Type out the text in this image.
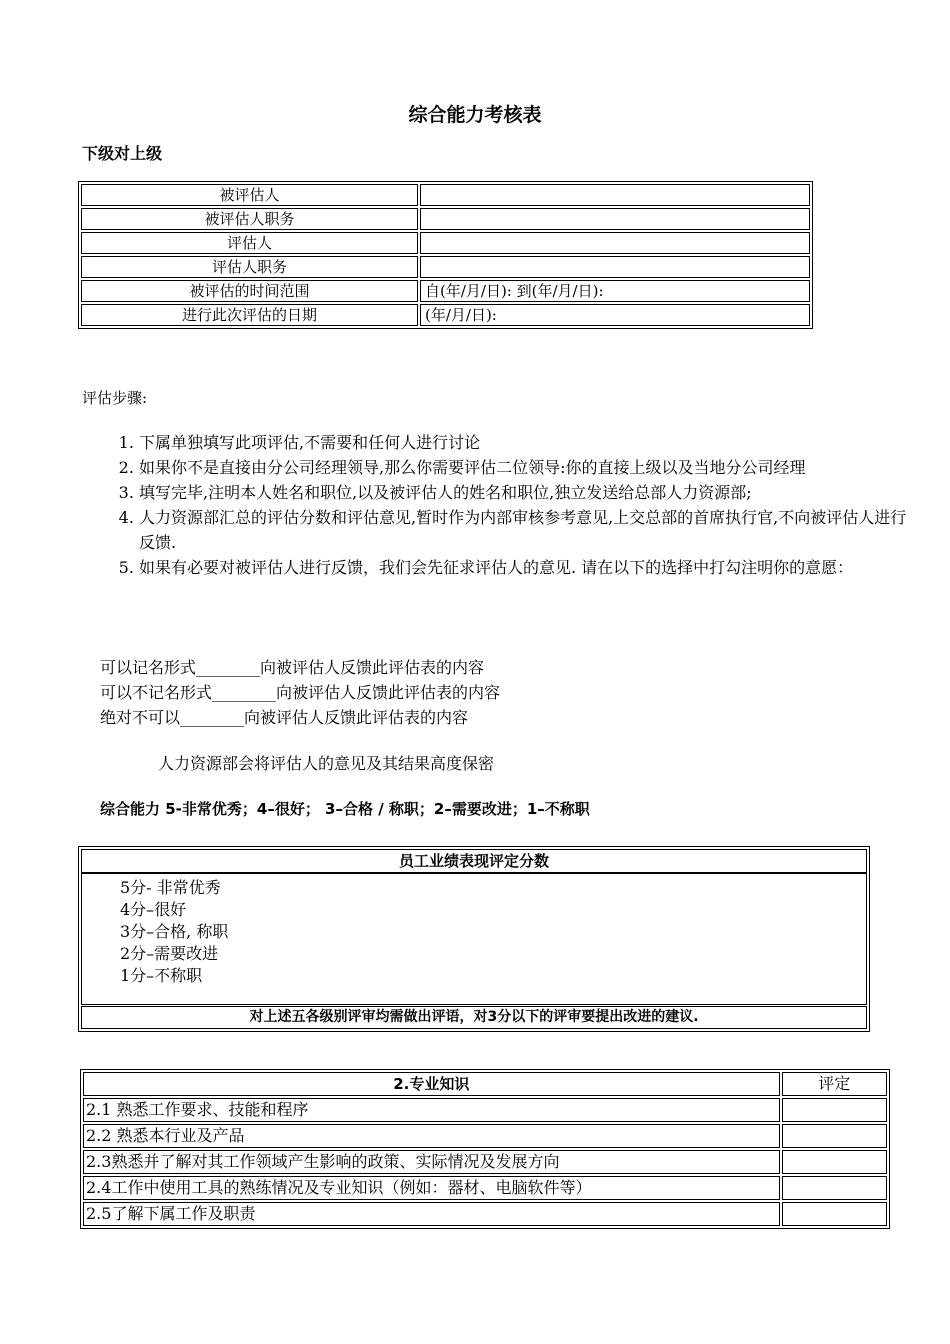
综合能力考核表
下级对上级
被评估人	
被评估人职务	
评估人	
评估人职务	
被评估的时间范围	自(年/月/日): 到(年/月/日):
进行此次评估的日期	(年/月/日):
评估步骤:
1. 下属单独填写此项评估,不需要和任何人进行讨论
2. 如果你不是直接由分公司经理领导,那么你需要评估二位领导:你的直接上级以及当地分公司经理
3. 填写完毕,注明本人姓名和职位,以及被评估人的姓名和职位,独立发送给总部人力资源部;
4. 人力资源部汇总的评估分数和评估意见,暂时作为内部审核参考意见,上交总部的首席执行官,不向被评估人进行反馈.
5. 如果有必要对被评估人进行反馈，我们会先征求评估人的意见. 请在以下的选择中打勾注明你的意愿：
可以记名形式________向被评估人反馈此评估表的内容
可以不记名形式________向被评估人反馈此评估表的内容
绝对不可以________向被评估人反馈此评估表的内容
人力资源部会将评估人的意见及其结果高度保密
综合能力 5-非常优秀；4–很好； 3–合格 / 称职；2–需要改进；1–不称职
员工业绩表现评定分数
5分- 非常优秀
4分–很好
3分–合格, 称职
2分–需要改进
1分–不称职
对上述五各级别评审均需做出评语，对3分以下的评审要提出改进的建议.
2.专业知识	评定
2.1 熟悉工作要求、技能和程序	
2.2 熟悉本行业及产品	
2.3熟悉并了解对其工作领域产生影响的政策、实际情况及发展方向	
2.4工作中使用工具的熟练情况及专业知识（例如：器材、电脑软件等）	
2.5了解下属工作及职责	
